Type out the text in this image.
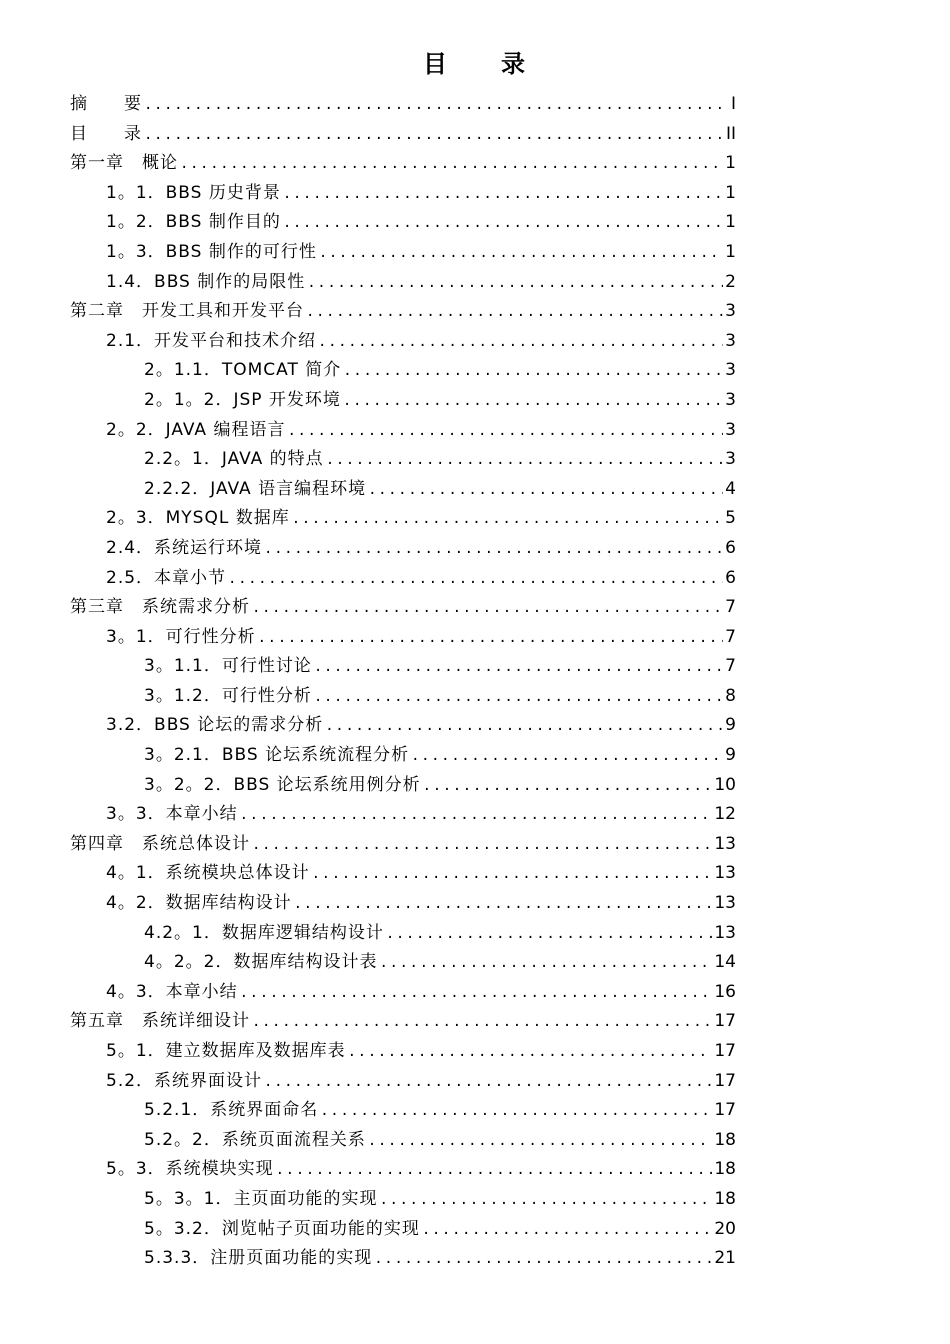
目　　录
摘　　要 .....	I
目　　录 .....	II
第一章　概论 .....	1
1。1．BBS 历史背景 .....	1
1。2．BBS 制作目的 .....	1
1。3．BBS 制作的可行性 .....	1
1.4．BBS 制作的局限性 .....	2
第二章　开发工具和开发平台 .....	3
2.1．开发平台和技术介绍 .....	3
2。1.1．TOMCAT 简介 .....	3
2。1。2．JSP 开发环境 .....	3
2。2．JAVA 编程语言 .....	3
2.2。1．JAVA 的特点 .....	3
2.2.2．JAVA 语言编程环境 .....	4
2。3．MYSQL 数据库 .....	5
2.4．系统运行环境 .....	6
2.5．本章小节 .....	6
第三章　系统需求分析 .....	7
3。1．可行性分析 .....	7
3。1.1．可行性讨论 .....	7
3。1.2．可行性分析 .....	8
3.2．BBS 论坛的需求分析 .....	9
3。2.1．BBS 论坛系统流程分析 .....	9
3。2。2．BBS 论坛系统用例分析 .....	10
3。3．本章小结 .....	12
第四章　系统总体设计 .....	13
4。1．系统模块总体设计 .....	13
4。2．数据库结构设计 .....	13
4.2。1．数据库逻辑结构设计 .....	13
4。2。2．数据库结构设计表 .....	14
4。3．本章小结 .....	16
第五章　系统详细设计 .....	17
5。1．建立数据库及数据库表 .....	17
5.2．系统界面设计 .....	17
5.2.1．系统界面命名 .....	17
5.2。2．系统页面流程关系 .....	18
5。3．系统模块实现 .....	18
5。3。1．主页面功能的实现 .....	18
5。3.2．浏览帖子页面功能的实现 .....	20
5.3.3．注册页面功能的实现 .....	21
